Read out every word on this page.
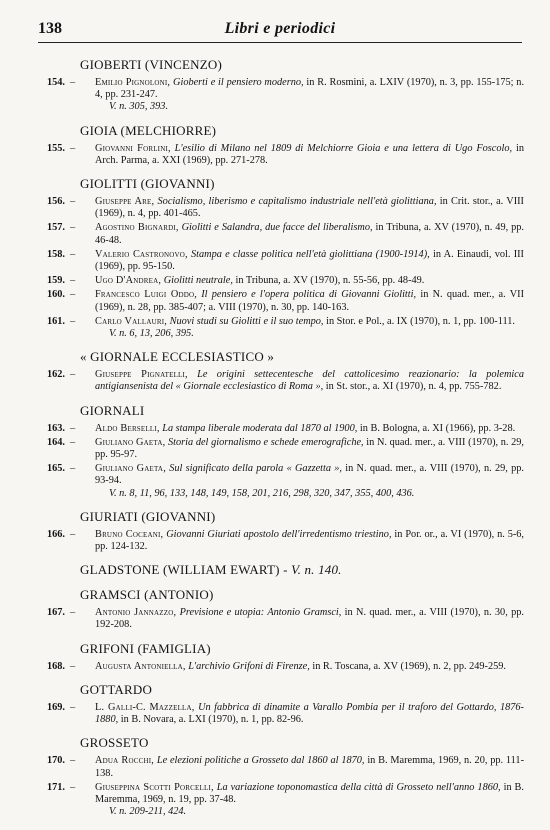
138	Libri e periodici
GIOBERTI (VINCENZO)
154. – Emilio Pignoloni, Gioberti e il pensiero moderno, in R. Rosmini, a. LXIV (1970), n. 3, pp. 155-175; n. 4, pp. 231-247.
V. n. 305, 393.
GIOIA (MELCHIORRE)
155. – Giovanni Forlini, L'esilio di Milano nel 1809 di Melchiorre Gioia e una lettera di Ugo Foscolo, in Arch. Parma, a. XXI (1969), pp. 271-278.
GIOLITTI (GIOVANNI)
156. – Giuseppe Are, Socialismo, liberismo e capitalismo industriale nell'età giolittiana, in Crit. stor., a. VIII (1969), n. 4, pp. 401-465.
157. – Agostino Bignardi, Giolitti e Salandra, due facce del liberalismo, in Tribuna, a. XV (1970), n. 49, pp. 46-48.
158. – Valerio Castronovo, Stampa e classe politica nell'età giolittiana (1900-1914), in A. Einaudi, vol. III (1969), pp. 95-150.
159. – Ugo D'Andrea, Giolitti neutrale, in Tribuna, a. XV (1970), n. 55-56, pp. 48-49.
160. – Francesco Luigi Oddo, Il pensiero e l'opera politica di Giovanni Giolitti, in N. quad. mer., a. VII (1969), n. 28, pp. 385-407; a. VIII (1970), n. 30, pp. 140-163.
161. – Carlo Vallauri, Nuovi studi su Giolitti e il suo tempo, in Stor. e Pol., a. IX (1970), n. 1, pp. 100-111.
V. n. 6, 13, 206, 395.
« GIORNALE ECCLESIASTICO »
162. – Giuseppe Pignatelli, Le origini settecentesche del cattolicesimo reazionario: la polemica antigiansenista del « Giornale ecclesiastico di Roma », in St. stor., a. XI (1970), n. 4, pp. 755-782.
GIORNALI
163. – Aldo Berselli, La stampa liberale moderata dal 1870 al 1900, in B. Bologna, a. XI (1966), pp. 3-28.
164. – Giuliano Gaeta, Storia del giornalismo e schede emerografiche, in N. quad. mer., a. VIII (1970), n. 29, pp. 95-97.
165. – Giuliano Gaeta, Sul significato della parola « Gazzetta », in N. quad. mer., a. VIII (1970), n. 29, pp. 93-94.
V. n. 8, 11, 96, 133, 148, 149, 158, 201, 216, 298, 320, 347, 355, 400, 436.
GIURIATI (GIOVANNI)
166. – Bruno Coceani, Giovanni Giuriati apostolo dell'irredentismo triestino, in Por. or., a. VI (1970), n. 5-6, pp. 124-132.
GLADSTONE (WILLIAM EWART) - V. n. 140.
GRAMSCI (ANTONIO)
167. – Antonio Jannazzo, Previsione e utopia: Antonio Gramsci, in N. quad. mer., a. VIII (1970), n. 30, pp. 192-208.
GRIFONI (FAMIGLIA)
168. – Augusta Antoniella, L'archivio Grifoni di Firenze, in R. Toscana, a. XV (1969), n. 2, pp. 249-259.
GOTTARDO
169. – L. Galli-C. Mazzella, Un fabbrica di dinamite a Varallo Pombia per il traforo del Gottardo, 1876-1880, in B. Novara, a. LXI (1970), n. 1, pp. 82-96.
GROSSETO
170. – Adua Rocchi, Le elezioni politiche a Grosseto dal 1860 al 1870, in B. Maremma, 1969, n. 20, pp. 111-138.
171. – Giuseppina Scotti Porcelli, La variazione toponomastica della città di Grosseto nell'anno 1860, in B. Maremma, 1969, n. 19, pp. 37-48.
V. n. 209-211, 424.
